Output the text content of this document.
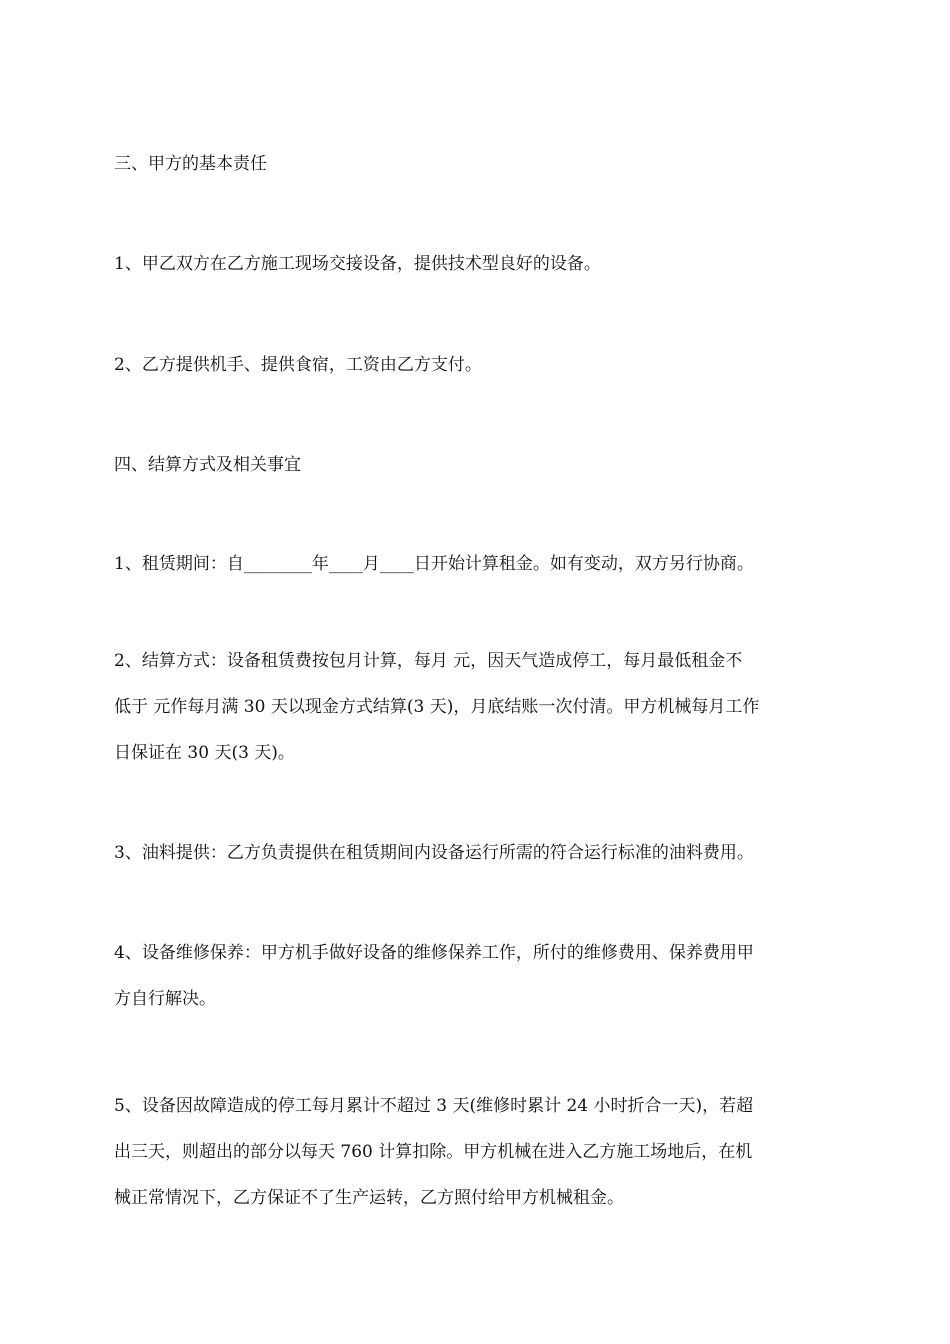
三、甲方的基本责任

1、甲乙双方在乙方施工现场交接设备，提供技术型良好的设备。

2、乙方提供机手、提供食宿，工资由乙方支付。

四、结算方式及相关事宜

1、租赁期间：自________年____月____日开始计算租金。如有变动，双方另行协商。

2、结算方式：设备租赁费按包月计算，每月 元，因天气造成停工，每月最低租金不
低于 元作每月满 30 天以现金方式结算(3 天)，月底结账一次付清。甲方机械每月工作
日保证在 30 天(3 天)。

3、油料提供：乙方负责提供在租赁期间内设备运行所需的符合运行标准的油料费用。

4、设备维修保养：甲方机手做好设备的维修保养工作，所付的维修费用、保养费用甲
方自行解决。
5、设备因故障造成的停工每月累计不超过 3 天(维修时累计 24 小时折合一天)，若超
出三天，则超出的部分以每天 760 计算扣除。甲方机械在进入乙方施工场地后，在机
械正常情况下，乙方保证不了生产运转，乙方照付给甲方机械租金。
